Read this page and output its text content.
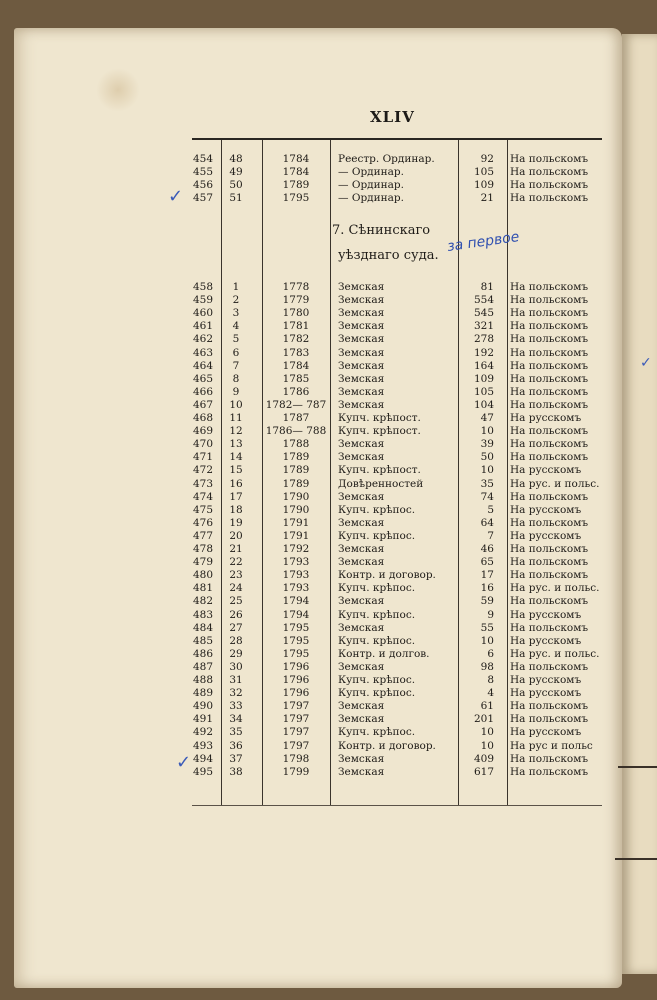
XLIV
7. Сѣнинскаго
уѣзднаго суда.
за первое
454	48	1784	Реестр. Ординар.	92 На польскомъ
455	49	1784	— Ординар.	105 На польскомъ
456	50	1789	— Ординар.	109 На польскомъ
457	51	1795	— Ординар.	21 На польскомъ
458	1	1778	Земская	81 На польскомъ
459	2	1779	Земская	554 На польскомъ
460	3	1780	Земская	545 На польскомъ
461	4	1781	Земская	321 На польскомъ
462	5	1782	Земская	278 На польскомъ
463	6	1783	Земская	192 На польскомъ
464	7	1784	Земская	164 На польскомъ
465	8	1785	Земская	109 На польскомъ
466	9	1786	Земская	105 На польскомъ
467	10	1782— 787 Земская	104 На польскомъ
468	11	1787	Купч. крѣпост.	47 На русскомъ
469	12	1786— 788 Купч. крѣпост.	10 На польскомъ
470	13	1788	Земская	39 На польскомъ
471	14	1789	Земская	50 На польскомъ
472	15	1789	Купч. крѣпост.	10 На русскомъ
473	16	1789	Довѣренностей	35 На рус. и польс.
474	17	1790	Земская	74 На польскомъ
475	18	1790	Купч. крѣпос.	5 На русскомъ
476	19	1791	Земская	64 На польскомъ
477	20	1791	Купч. крѣпос.	7 На русскомъ
478	21	1792	Земская	46 На польскомъ
479	22	1793	Земская	65 На польскомъ
480	23	1793	Контр. и договор.	17 На польскомъ
481	24	1793	Купч. крѣпос.	16 На рус. и польс.
482	25	1794	Земская	59 На польскомъ
483	26	1794	Купч. крѣпос.	9 На русскомъ
484	27	1795	Земская	55 На польскомъ
485	28	1795	Купч. крѣпос.	10 На русскомъ
486	29	1795	Контр. и долгов.	6 На рус. и польс.
487	30	1796	Земская	98 На польскомъ
488	31	1796	Купч. крѣпос.	8 На русскомъ
489	32	1796	Купч. крѣпос.	4 На русскомъ
490	33	1797	Земская	61 На польскомъ
491	34	1797	Земская	201 На польскомъ
492	35	1797	Купч. крѣпос.	10 На русскомъ
493	36	1797	Контр. и договор.	10 На рус и польс
494	37	1798	Земская	409 На польскомъ
495	38	1799	Земская	617 На польскомъ
✓
✓
✓
